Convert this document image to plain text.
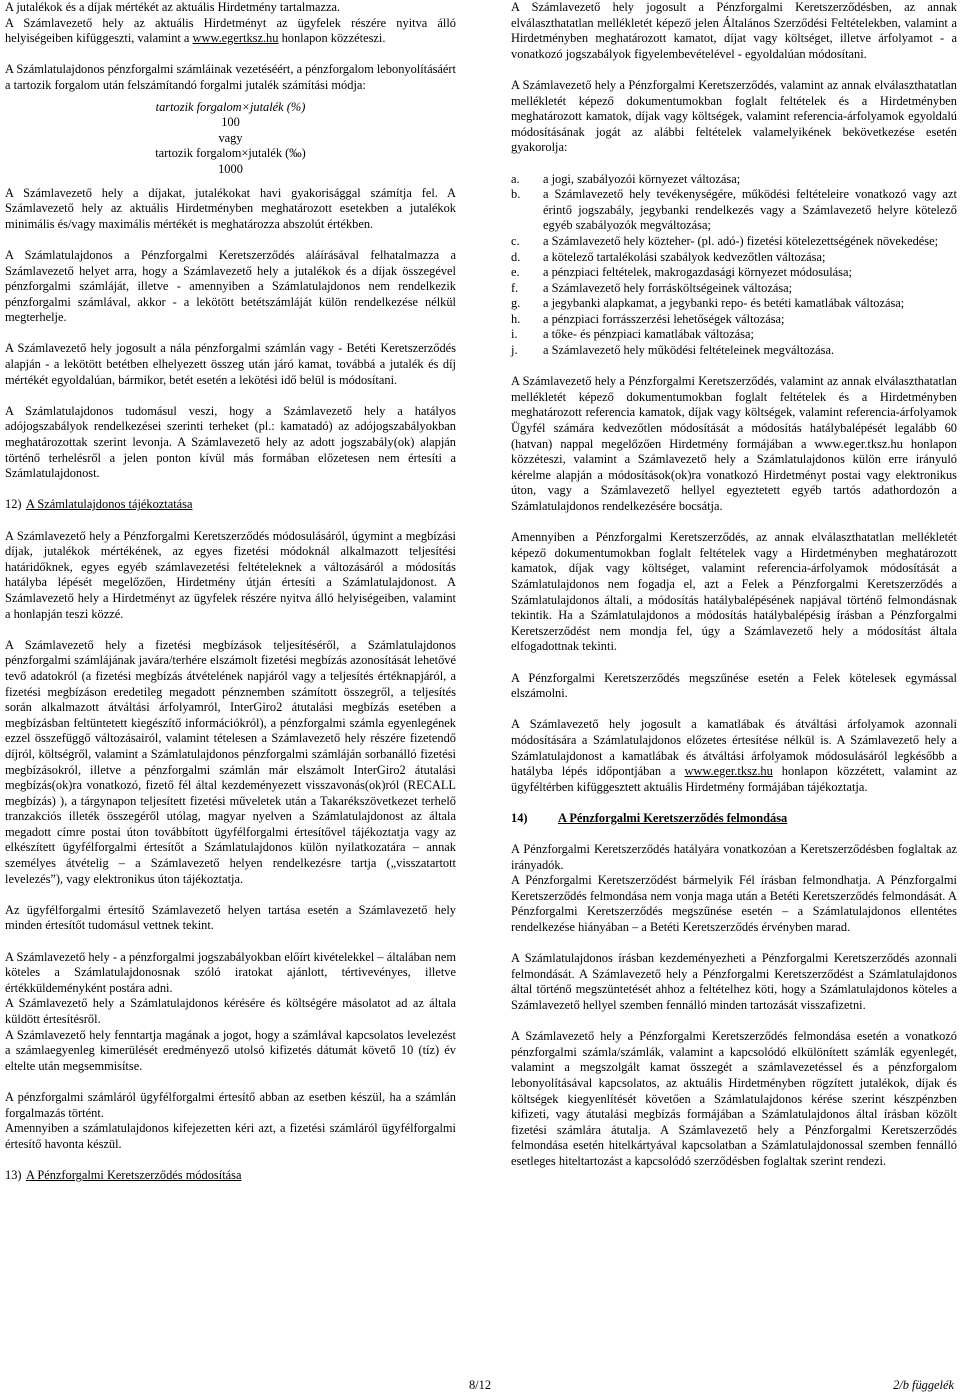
A jutalékok és a díjak mértékét az aktuális Hirdetmény tartalmazza.

A Számlavezető hely az aktuális Hirdetményt az ügyfelek részére nyitva álló helyiségeiben kifüggeszti, valamint a www.egertksz.hu honlapon közzéteszi.

A Számlatulajdonos pénzforgalmi számláinak vezetéséért, a pénzforgalom lebonyolításáért a tartozik forgalom után felszámítandó forgalmi jutalék számítási módja:

tartozik forgalom×jutalék (%)
100
vagy
tartozik forgalom×jutalék (‰)
1000

A Számlavezető hely a díjakat, jutalékokat havi gyakorisággal számítja fel. A Számlavezető hely az aktuális Hirdetményben meghatározott esetekben a jutalékok minimális és/vagy maximális mértékét is meghatározza abszolút értékben.

A Számlatulajdonos a Pénzforgalmi Keretszerződés aláírásával felhatalmazza a Számlavezető helyet arra, hogy a Számlavezető hely a jutalékok és a díjak összegével pénzforgalmi számláját, illetve - amennyiben a Számlatulajdonos nem rendelkezik pénzforgalmi számlával, akkor - a lekötött betétszámláját külön rendelkezése nélkül megterhelje.

A Számlavezető hely jogosult a nála pénzforgalmi számlán vagy - Betéti Keretszerződés alapján - a lekötött betétben elhelyezett összeg után járó kamat, továbbá a jutalék és díj mértékét egyoldalúan, bármikor, betét esetén a lekötési idő belül is módosítani.

A Számlatulajdonos tudomásul veszi, hogy a Számlavezető hely a hatályos adójogszabályok rendelkezései szerinti terheket (pl.: kamatadó) az adójogszabályokban meghatározottak szerint levonja. A Számlavezető hely az adott jogszabály(ok) alapján történő terhelésről a jelen ponton kívül más formában előzetesen nem értesíti a Számlatulajdonost.

12) A Számlatulajdonos tájékoztatása

A Számlavezető hely a Pénzforgalmi Keretszerződés módosulásáról, úgymint a megbízási díjak, jutalékok mértékének, az egyes fizetési módoknál alkalmazott teljesítési határidőknek, egyes egyéb számlavezetési feltételeknek a változásáról a módosítás hatályba lépését megelőzően, Hirdetmény útján értesíti a Számlatulajdonost. A Számlavezető hely a Hirdetményt az ügyfelek részére nyitva álló helyiségeiben, valamint a honlapján teszi közzé.

A Számlavezető hely a fizetési megbízások teljesítéséről, a Számlatulajdonos pénzforgalmi számlájának javára/terhére elszámolt fizetési megbízás azonosítását lehetővé tevő adatokról (a fizetési megbízás átvételének napjáról vagy a teljesítés értéknapjáról, a fizetési megbízáson eredetileg megadott pénznemben számított összegről, a teljesítés során alkalmazott átváltási árfolyamról, InterGiro2 átutalási megbízás esetében a megbízásban feltüntetett kiegészítő információkról), a pénzforgalmi számla egyenlegének ezzel összefüggő változásairól, valamint tételesen a Számlavezető hely részére fizetendő díjról, költségről, valamint a Számlatulajdonos pénzforgalmi számláján sorbanálló fizetési megbízásokról, illetve a pénzforgalmi számlán már elszámolt InterGiro2 átutalási megbízás(ok)ra vonatkozó, fizető fél által kezdeményezett visszavonás(ok)ról (RECALL megbízás) ), a tárgynapon teljesített fizetési műveletek után a Takarékszövetkezet terhelő tranzakciós illeték összegéről utólag, magyar nyelven a Számlatulajdonost az általa megadott címre postai úton továbbított ügyfélforgalmi értesítővel tájékoztatja vagy az elkészített ügyfélforgalmi értesítőt a Számlatulajdonos külön nyilatkozatára – annak személyes átvételig – a Számlavezető helyen rendelkezésre tartja („visszatartott levelezés”), vagy elektronikus úton tájékoztatja.

Az ügyfélforgalmi értesítő Számlavezető helyen tartása esetén a Számlavezető hely minden értesítőt tudomásul vettnek tekint.

A Számlavezető hely - a pénzforgalmi jogszabályokban előírt kivételekkel – általában nem köteles a Számlatulajdonosnak szóló iratokat ajánlott, tértivevényes, illetve értékküldeményként postára adni.

A Számlavezető hely a Számlatulajdonos kérésére és költségére másolatot ad az általa küldött értesítésről.

A Számlavezető hely fenntartja magának a jogot, hogy a számlával kapcsolatos levelezést a számlaegyenleg kimerülését eredményező utolsó kifizetés dátumát követő 10 (tíz) év eltelte után megsemmisítse.

A pénzforgalmi számláról ügyfélforgalmi értesítő abban az esetben készül, ha a számlán forgalmazás történt.

Amennyiben a számlatulajdonos kifejezetten kéri azt, a fizetési számláról ügyfélforgalmi értesítő havonta készül.

13) A Pénzforgalmi Keretszerződés módosítása

A Számlavezető hely jogosult a Pénzforgalmi Keretszerződésben, az annak elválaszthatatlan mellékletét képező jelen Általános Szerződési Feltételekben, valamint a Hirdetményben meghatározott kamatot, díjat vagy költséget, illetve árfolyamot - a vonatkozó jogszabályok figyelembevételével - egyoldalúan módosítani.

A Számlavezető hely a Pénzforgalmi Keretszerződés, valamint az annak elválaszthatatlan mellékletét képező dokumentumokban foglalt feltételek és a Hirdetményben meghatározott kamatok, díjak vagy költségek, valamint referencia-árfolyamok egyoldalú módosításának jogát az alábbi feltételek valamelyikének bekövetkezése esetén gyakorolja:

a.	a jogi, szabályozói környezet változása;
b.	a Számlavezető hely tevékenységére, működési feltételeire vonatkozó vagy azt érintő jogszabály, jegybanki rendelkezés vagy a Számlavezető helyre kötelező egyéb szabályozók megváltozása;
c.	a Számlavezető hely közteher- (pl. adó-) fizetési kötelezettségének növekedése;
d.	a kötelező tartalékolási szabályok kedvezőtlen változása;
e.	a pénzpiaci feltételek, makrogazdasági környezet módosulása;
f.	a Számlavezető hely forrásköltségeinek változása;
g.	a jegybanki alapkamat, a jegybanki repo- és betéti kamatlábak változása;
h.	a pénzpiaci forrásszerzési lehetőségek változása;
i.	a tőke- és pénzpiaci kamatlábak változása;
j.	a Számlavezető hely működési feltételeinek megváltozása.

A Számlavezető hely a Pénzforgalmi Keretszerződés, valamint az annak elválaszthatatlan mellékletét képező dokumentumokban foglalt feltételek és a Hirdetményben meghatározott referencia kamatok, díjak vagy költségek, valamint referencia-árfolyamok Ügyfél számára kedvezőtlen módosítását a módosítás hatálybalépését legalább 60 (hatvan) nappal megelőzően Hirdetmény formájában a www.eger.tksz.hu honlapon közzéteszi, valamint a Számlavezető hely a Számlatulajdonos külön erre irányuló kérelme alapján a módosítások(ok)ra vonatkozó Hirdetményt postai vagy elektronikus úton, vagy a Számlavezető hellyel egyeztetett egyéb tartós adathordozón a Számlatulajdonos rendelkezésére bocsátja.

Amennyiben a Pénzforgalmi Keretszerződés, az annak elválaszthatatlan mellékletét képező dokumentumokban foglalt feltételek vagy a Hirdetményben meghatározott kamatok, díjak vagy költséget, valamint referencia-árfolyamok módosítását a Számlatulajdonos nem fogadja el, azt a Felek a Pénzforgalmi Keretszerződés a Számlatulajdonos általi, a módosítás hatálybalépésének napjával történő felmondásnak tekintik. Ha a Számlatulajdonos a módosítás hatálybalépésig írásban a Pénzforgalmi Keretszerződést nem mondja fel, úgy a Számlavezető hely a módosítást általa elfogadottnak tekinti.

A Pénzforgalmi Keretszerződés megszűnése esetén a Felek kötelesek egymással elszámolni.

A Számlavezető hely jogosult a kamatlábak és átváltási árfolyamok azonnali módosítására a Számlatulajdonos előzetes értesítése nélkül is. A Számlavezető hely a Számlatulajdonost a kamatlábak és átváltási árfolyamok módosulásáról legkésőbb a hatályba lépés időpontjában a www.eger.tksz.hu honlapon közzétett, valamint az ügyféltérben kifüggesztett aktuális Hirdetmény formájában tájékoztatja.

14) A Pénzforgalmi Keretszerződés felmondása

A Pénzforgalmi Keretszerződés hatályára vonatkozóan a Keretszerződésben foglaltak az irányadók.

A Pénzforgalmi Keretszerződést bármelyik Fél írásban felmondhatja. A Pénzforgalmi Keretszerződés felmondása nem vonja maga után a Betéti Keretszerződés felmondását. A Pénzforgalmi Keretszerződés megszűnése esetén – a Számlatulajdonos ellentétes rendelkezése hiányában – a Betéti Keretszerződés érvényben marad.

A Számlatulajdonos írásban kezdeményezheti a Pénzforgalmi Keretszerződés azonnali felmondását. A Számlavezető hely a Pénzforgalmi Keretszerződést a Számlatulajdonos által történő megszüntetését ahhoz a feltételhez köti, hogy a Számlatulajdonos köteles a Számlavezető hellyel szemben fennálló minden tartozását visszafizetni.

A Számlavezető hely a Pénzforgalmi Keretszerződés felmondása esetén a vonatkozó pénzforgalmi számla/számlák, valamint a kapcsolódó elkülönített számlák egyenlegét, valamint a megszolgált kamat összegét a számlavezetéssel és a pénzforgalom lebonyolításával kapcsolatos, az aktuális Hirdetményben rögzített jutalékok, díjak és költségek kiegyenlítését követően a Számlatulajdonos kérése szerint készpénzben kifizeti, vagy átutalási megbízás formájában a Számlatulajdonos által írásban közölt fizetési számlára átutalja. A Számlavezető hely a Pénzforgalmi Keretszerződés felmondása esetén hitelkártyával kapcsolatban a Számlatulajdonossal szemben fennálló esetleges hiteltartozást a kapcsolódó szerződésben foglaltak szerint rendezi.

8/12	2/b függelék
